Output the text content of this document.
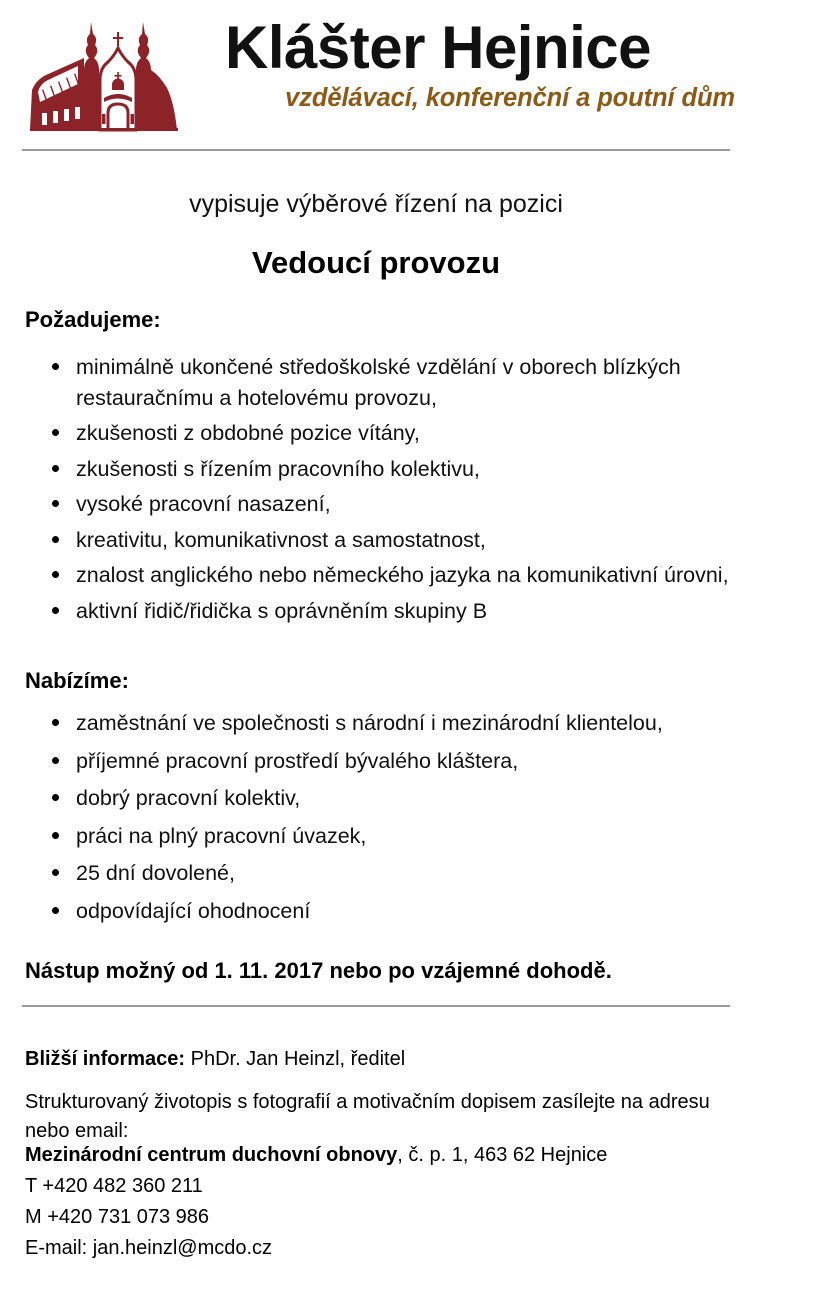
Klášter Hejnice
vzdělávací, konferenční a poutní dům
vypisuje výběrové řízení na pozici
Vedoucí provozu
Požadujeme:
minimálně ukončené středoškolské vzdělání v oborech blízkých restauračnímu a hotelovému provozu,
zkušenosti z obdobné pozice vítány,
zkušenosti s řízením pracovního kolektivu,
vysoké pracovní nasazení,
kreativitu, komunikativnost a samostatnost,
znalost anglického nebo německého jazyka na komunikativní úrovni,
aktivní řidič/řidička s oprávněním skupiny B
Nabízíme:
zaměstnání ve společnosti s národní i mezinárodní klientelou,
příjemné pracovní prostředí bývalého kláštera,
dobrý pracovní kolektiv,
práci na plný pracovní úvazek,
25 dní dovolené,
odpovídající ohodnocení
Nástup možný od 1. 11. 2017 nebo po vzájemné dohodě.
Bližší informace: PhDr. Jan Heinzl, ředitel
Strukturovaný životopis s fotografií a motivačním dopisem zasílejte na adresu
nebo email:
Mezinárodní centrum duchovní obnovy, č. p. 1, 463 62 Hejnice
T +420 482 360 211
M +420 731 073 986
E-mail: jan.heinzl@mcdo.cz
